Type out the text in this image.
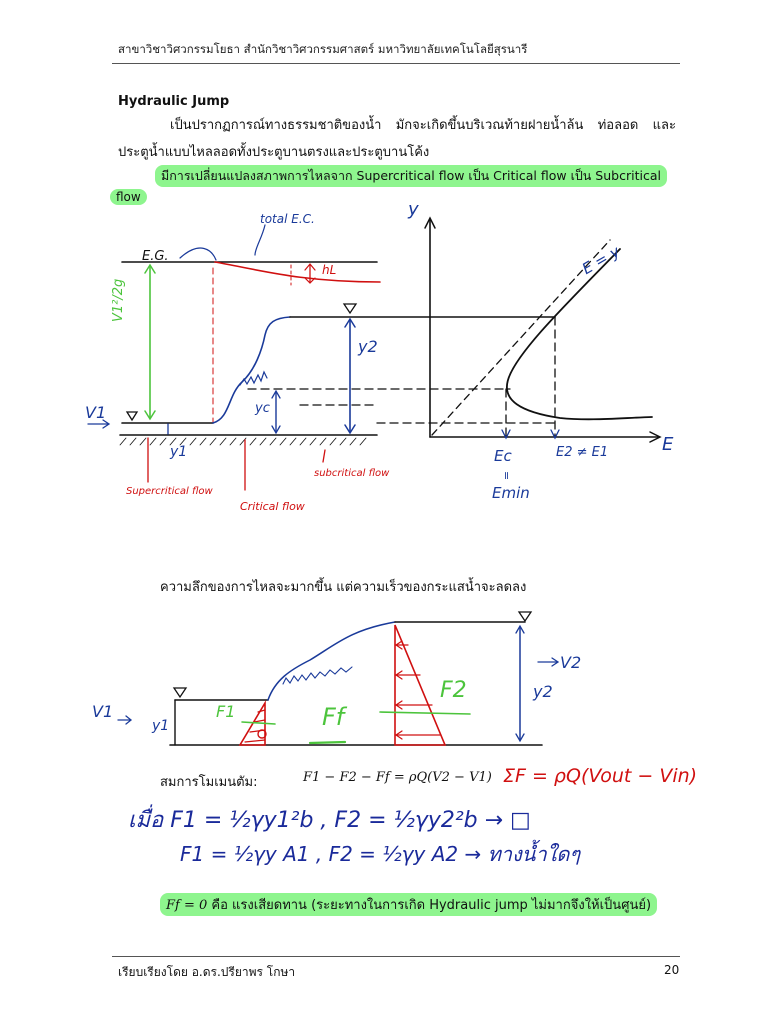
สาขาวิชาวิศวกรรมโยธา สำนักวิชาวิศวกรรมศาสตร์ มหาวิทยาลัยเทคโนโลยีสุรนารี
Hydraulic Jump
เป็นปรากฏการณ์ทางธรรมชาติของน้ำ มักจะเกิดขึ้นบริเวณท้ายฝายน้ำล้น ท่อลอด และประตูน้ำแบบไหลลอดทั้งประตูบานตรงและประตูบานโค้ง
มีการเปลี่ยนแปลงสภาพการไหลจาก Supercritical flow เป็น Critical flow เป็น Subcritical
flow
total E.C.
E.G.
hL
V1²/2g
y2
yc
y1
V1
Supercritical flow
Critical flow
subcritical flow
y
E
E = y
Ec
=
Emin
E2 ≠ E1
ความลึกของการไหลจะมากขึ้น แต่ความเร็วของกระแสน้ำจะลดลง
V1
y1
F1	Ff
F2
V2
y2
สมการโมเมนตัม:	F1 − F2 − Ff = ρQ(V2 − V1) ΣF = ρQ(Vout − Vin)
เมื่อ F1 = ½γy1²b , F2 = ½γy2²b → □
F1 = ½γy A1 , F2 = ½γy A2 → ทางน้ำใดๆ
Ff = 0 คือ แรงเสียดทาน (ระยะทางในการเกิด Hydraulic jump ไม่มากจึงให้เป็นศูนย์)
เรียบเรียงโดย อ.ดร.ปรียาพร โกษา	20
